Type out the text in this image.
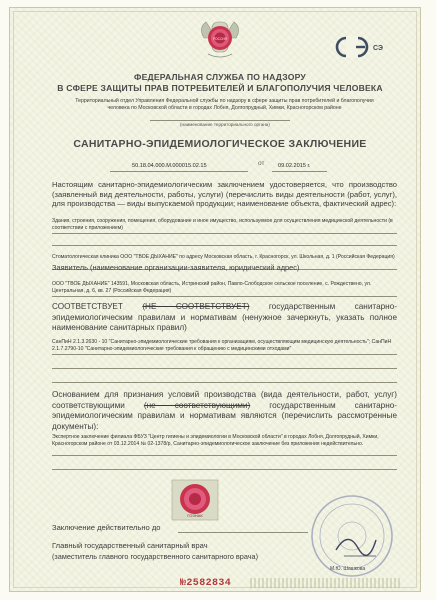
РОССИЯ
СЭ

ФЕДЕРАЛЬНАЯ СЛУЖБА ПО НАДЗОРУ
В СФЕРЕ ЗАЩИТЫ ПРАВ ПОТРЕБИТЕЛЕЙ И БЛАГОПОЛУЧИЯ ЧЕЛОВЕКА

Территориальный отдел Управления Федеральной службы по надзору в сфере защиты прав потребителей и благополучия
человека по Московской области в городах Лобня, Долгопрудный, Химки, Красногорском районе

(наименование территориального органа)

САНИТАРНО-ЭПИДЕМИОЛОГИЧЕСКОЕ ЗАКЛЮЧЕНИЕ

50.18.04.000.М.000015.02.15	от 09.02.2015 г.

Настоящим санитарно-эпидемиологическим заключением удостоверяется, что производство (заявленный вид деятельности, работы, услуги) (перечислить виды деятельности (работ, услуг), для производства — виды выпускаемой продукции; наименование объекта, фактический адрес):

Здания, строения, сооружения, помещения, оборудование и иное имущество, используемое для осуществления медицинской деятельности (в соответствии с приложением)

Стоматологическая клиника ООО "ТВОЕ ДЫХАНИЕ" по адресу Московская область, г. Красногорск, ул. Школьная, д. 1 (Российская Федерация)

Заявитель (наименование организации-заявителя, юридический адрес)

ООО "ТВОЕ ДЫХАНИЕ" 143591, Московская область, Истринский район, Павло-Слободское сельское поселение, с. Рождествено, ул. Центральная, д. 6, кв. 27 (Российская Федерация)

СООТВЕТСТВУЕТ (НЕ СООТВЕТСТВУЕТ) государственным санитарно-эпидемиологическим правилам и нормативам (ненужное зачеркнуть, указать полное наименование санитарных правил)

СанПиН 2.1.3.2630 - 10 "Санитарно-эпидемиологические требования к организациям, осуществляющим медицинскую деятельность"; СанПиН 2.1.7.2790-10 "Санитарно-эпидемиологические требования к обращению с медицинскими отходами"

Основанием для признания условий производства (вида деятельности, работ, услуг) соответствующими (не соответствующими) государственным санитарно-эпидемиологическим правилам и нормативам являются (перечислить рассмотренные документы):

Экспертное заключение филиала ФБУЗ "Центр гигиены и эпидемиологии в Московской области" в городах Лобня, Долгопрудный, Химки, Красногорском районе от 03.12.2014 № 02-1378/р, Санитарно-эпидемиологическое заключение без приложения недействительно.

ГОЗНАК

Заключение действительно до

Главный государственный санитарный врач

(заместитель главного государственного санитарного врача)

М.Ю. Шашкова

№2582834
